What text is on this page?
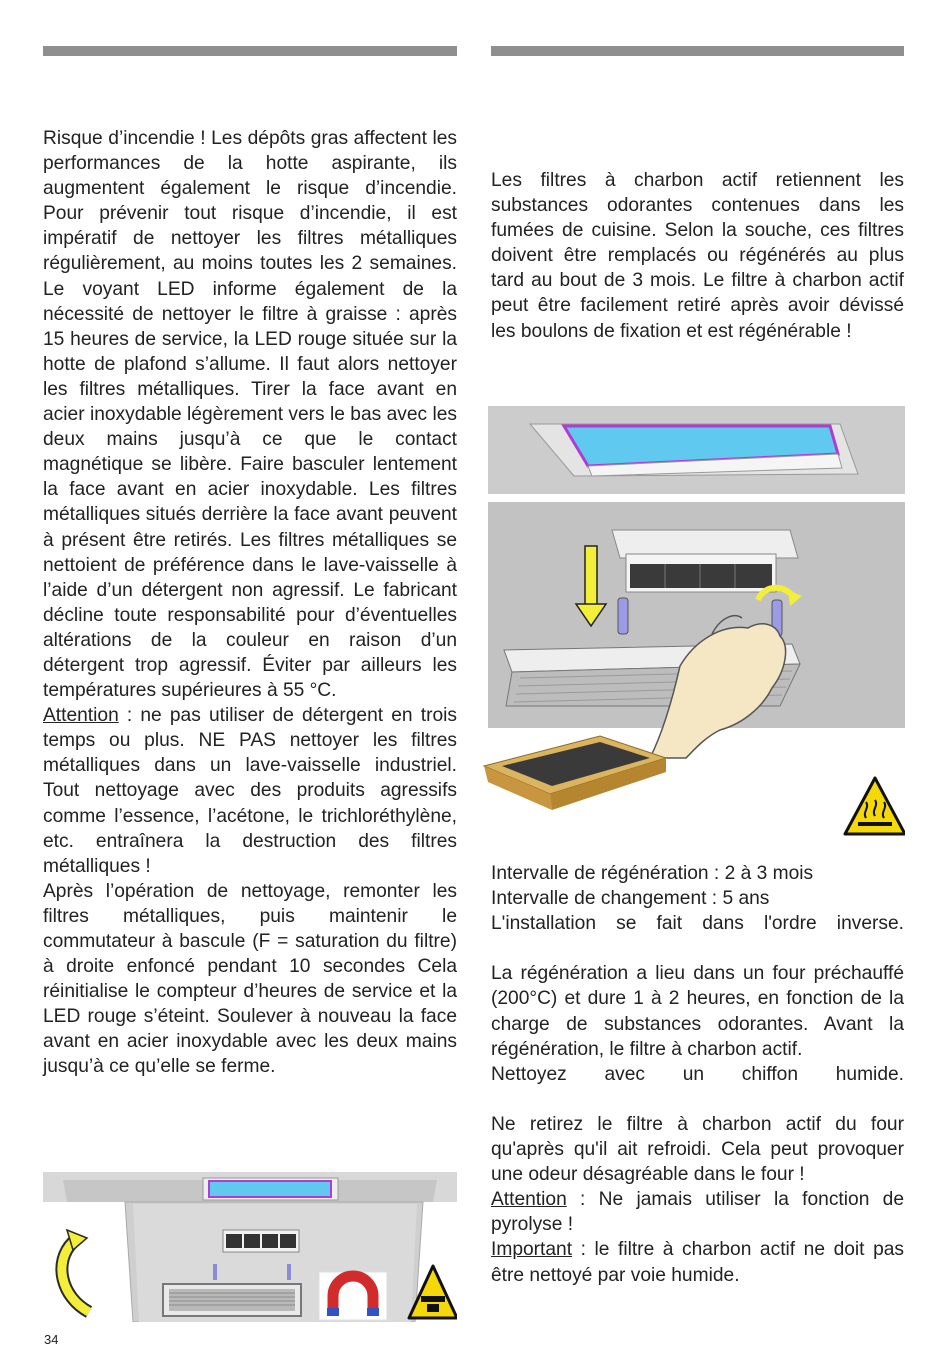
Risque d’incendie ! Les dépôts gras affectent les performances de la hotte aspirante, ils augmentent également le risque d’incendie. Pour prévenir tout risque d’incendie, il est impératif de nettoyer les filtres métalliques régulièrement, au moins toutes les 2 semaines. Le voyant LED informe également de la nécessité de nettoyer le filtre à graisse : après 15 heures de service, la LED rouge située sur la hotte de plafond s’allume. Il faut alors nettoyer les filtres métalliques. Tirer la face avant en acier inoxydable légèrement vers le bas avec les deux mains jusqu’à ce que le contact magnétique se libère. Faire basculer lentement la face avant en acier inoxydable. Les filtres métalliques situés derrière la face avant peuvent à présent être retirés. Les filtres métalliques se nettoient de préférence dans le lave-vaisselle à l’aide d’un détergent non agressif. Le fabricant décline toute responsabilité pour d’éventuelles altérations de la couleur en raison d’un détergent trop agressif. Éviter par ailleurs les températures supérieures à 55 °C.

Attention : ne pas utiliser de détergent en trois temps ou plus. NE PAS nettoyer les filtres métalliques dans un lave-vaisselle industriel. Tout nettoyage avec des produits agressifs comme l’essence, l’acétone, le trichloréthylène, etc. entraînera la destruction des filtres métalliques !

Après l’opération de nettoyage, remonter les filtres métalliques, puis maintenir le commutateur à bascule (F = saturation du filtre) à droite enfoncé pendant 10 secondes Cela réinitialise le compteur d’heures de service et la LED rouge s’éteint. Soulever à nouveau la face avant en acier inoxydable avec les deux mains jusqu’à ce qu’elle se ferme.

34

Les filtres à charbon actif retiennent les substances odorantes contenues dans les fumées de cuisine. Selon la souche, ces filtres doivent être remplacés ou régénérés au plus tard au bout de 3 mois. Le filtre à charbon actif peut être facilement retiré après avoir dévissé les boulons de fixation et est régénérable !

Intervalle de régénération : 2 à 3 mois

Intervalle de changement : 5 ans

L'installation se fait dans l'ordre inverse.

La régénération a lieu dans un four préchauffé (200°C) et dure 1 à 2 heures, en fonction de la charge de substances odorantes. Avant la régénération, le filtre à charbon actif.

Nettoyez avec un chiffon humide.

Ne retirez le filtre à charbon actif du four qu'après qu'il ait refroidi. Cela peut provoquer une odeur désagréable dans le four !

Attention : Ne jamais utiliser la fonction de pyrolyse !

Important : le filtre à charbon actif ne doit pas être nettoyé par voie humide.
